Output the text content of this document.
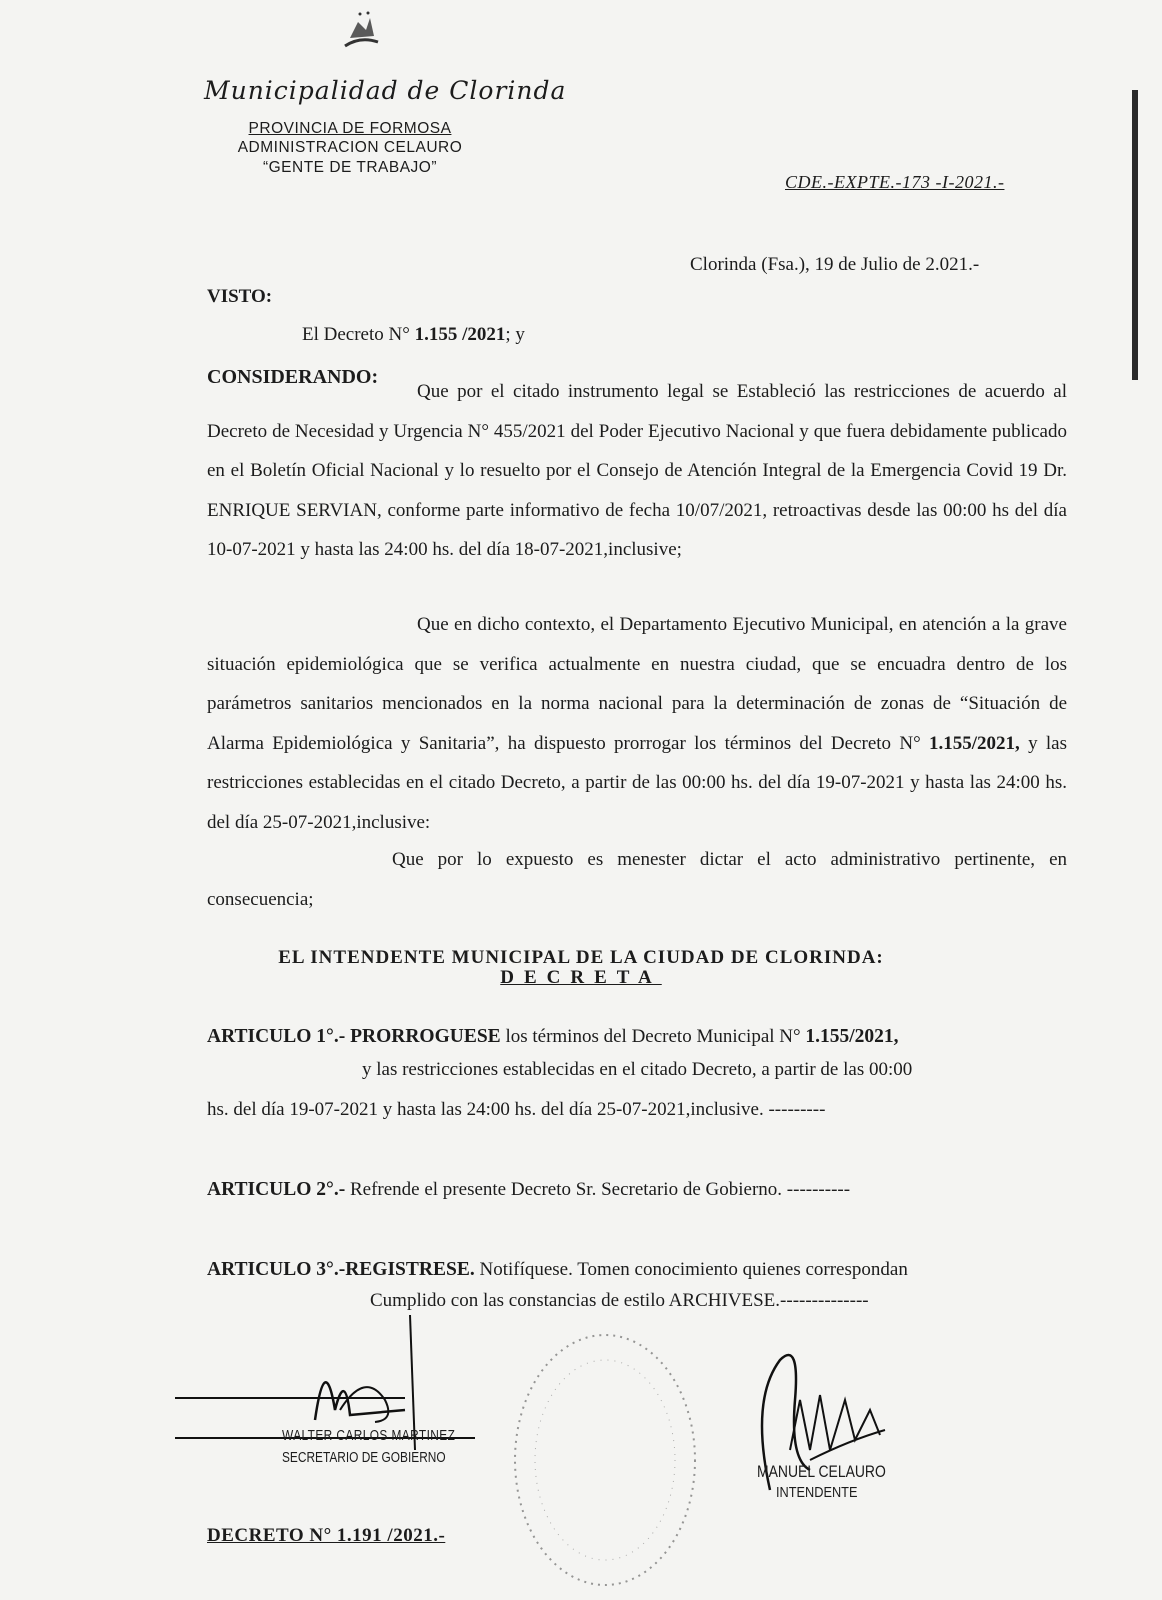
Municipalidad de Clorinda
PROVINCIA DE FORMOSA
ADMINISTRACION CELAURO
“GENTE DE TRABAJO”
CDE.-EXPTE.-173 -I-2021.-
Clorinda (Fsa.), 19 de Julio de 2.021.-
VISTO:
El Decreto N° 1.155 /2021; y
CONSIDERANDO:
Que por el citado instrumento legal se Estableció las restricciones de acuerdo al Decreto de Necesidad y Urgencia N° 455/2021 del Poder Ejecutivo Nacional y que fuera debidamente publicado en el Boletín Oficial Nacional y lo resuelto por el Consejo de Atención Integral de la Emergencia Covid 19 Dr. ENRIQUE SERVIAN, conforme parte informativo de fecha 10/07/2021, retroactivas desde las 00:00 hs del día 10-07-2021 y hasta las 24:00 hs. del día 18-07-2021,inclusive;
Que en dicho contexto, el Departamento Ejecutivo Municipal, en atención a la grave situación epidemiológica que se verifica actualmente en nuestra ciudad, que se encuadra dentro de los parámetros sanitarios mencionados en la norma nacional para la determinación de zonas de “Situación de Alarma Epidemiológica y Sanitaria”, ha dispuesto prorrogar los términos del Decreto N° 1.155/2021, y las restricciones establecidas en el citado Decreto, a partir de las 00:00 hs. del día 19-07-2021 y hasta las 24:00 hs. del día 25-07-2021,inclusive:
Que por lo expuesto es menester dictar el acto administrativo pertinente, en consecuencia;
EL INTENDENTE MUNICIPAL DE LA CIUDAD DE CLORINDA:
DECRETA
ARTICULO 1°.- PRORROGUESE los términos del Decreto Municipal N° 1.155/2021,
y las restricciones establecidas en el citado Decreto, a partir de las 00:00
hs. del día 19-07-2021 y hasta las 24:00 hs. del día 25-07-2021,inclusive. ---------
ARTICULO 2°.- Refrende el presente Decreto Sr. Secretario de Gobierno. ----------
ARTICULO 3°.-REGISTRESE. Notifíquese. Tomen conocimiento quienes correspondan
Cumplido con las constancias de estilo ARCHIVESE.--------------
WALTER CARLOS MARTINEZ
SECRETARIO DE GOBIERNO
MANUEL CELAURO
INTENDENTE
DECRETO N° 1.191 /2021.-
